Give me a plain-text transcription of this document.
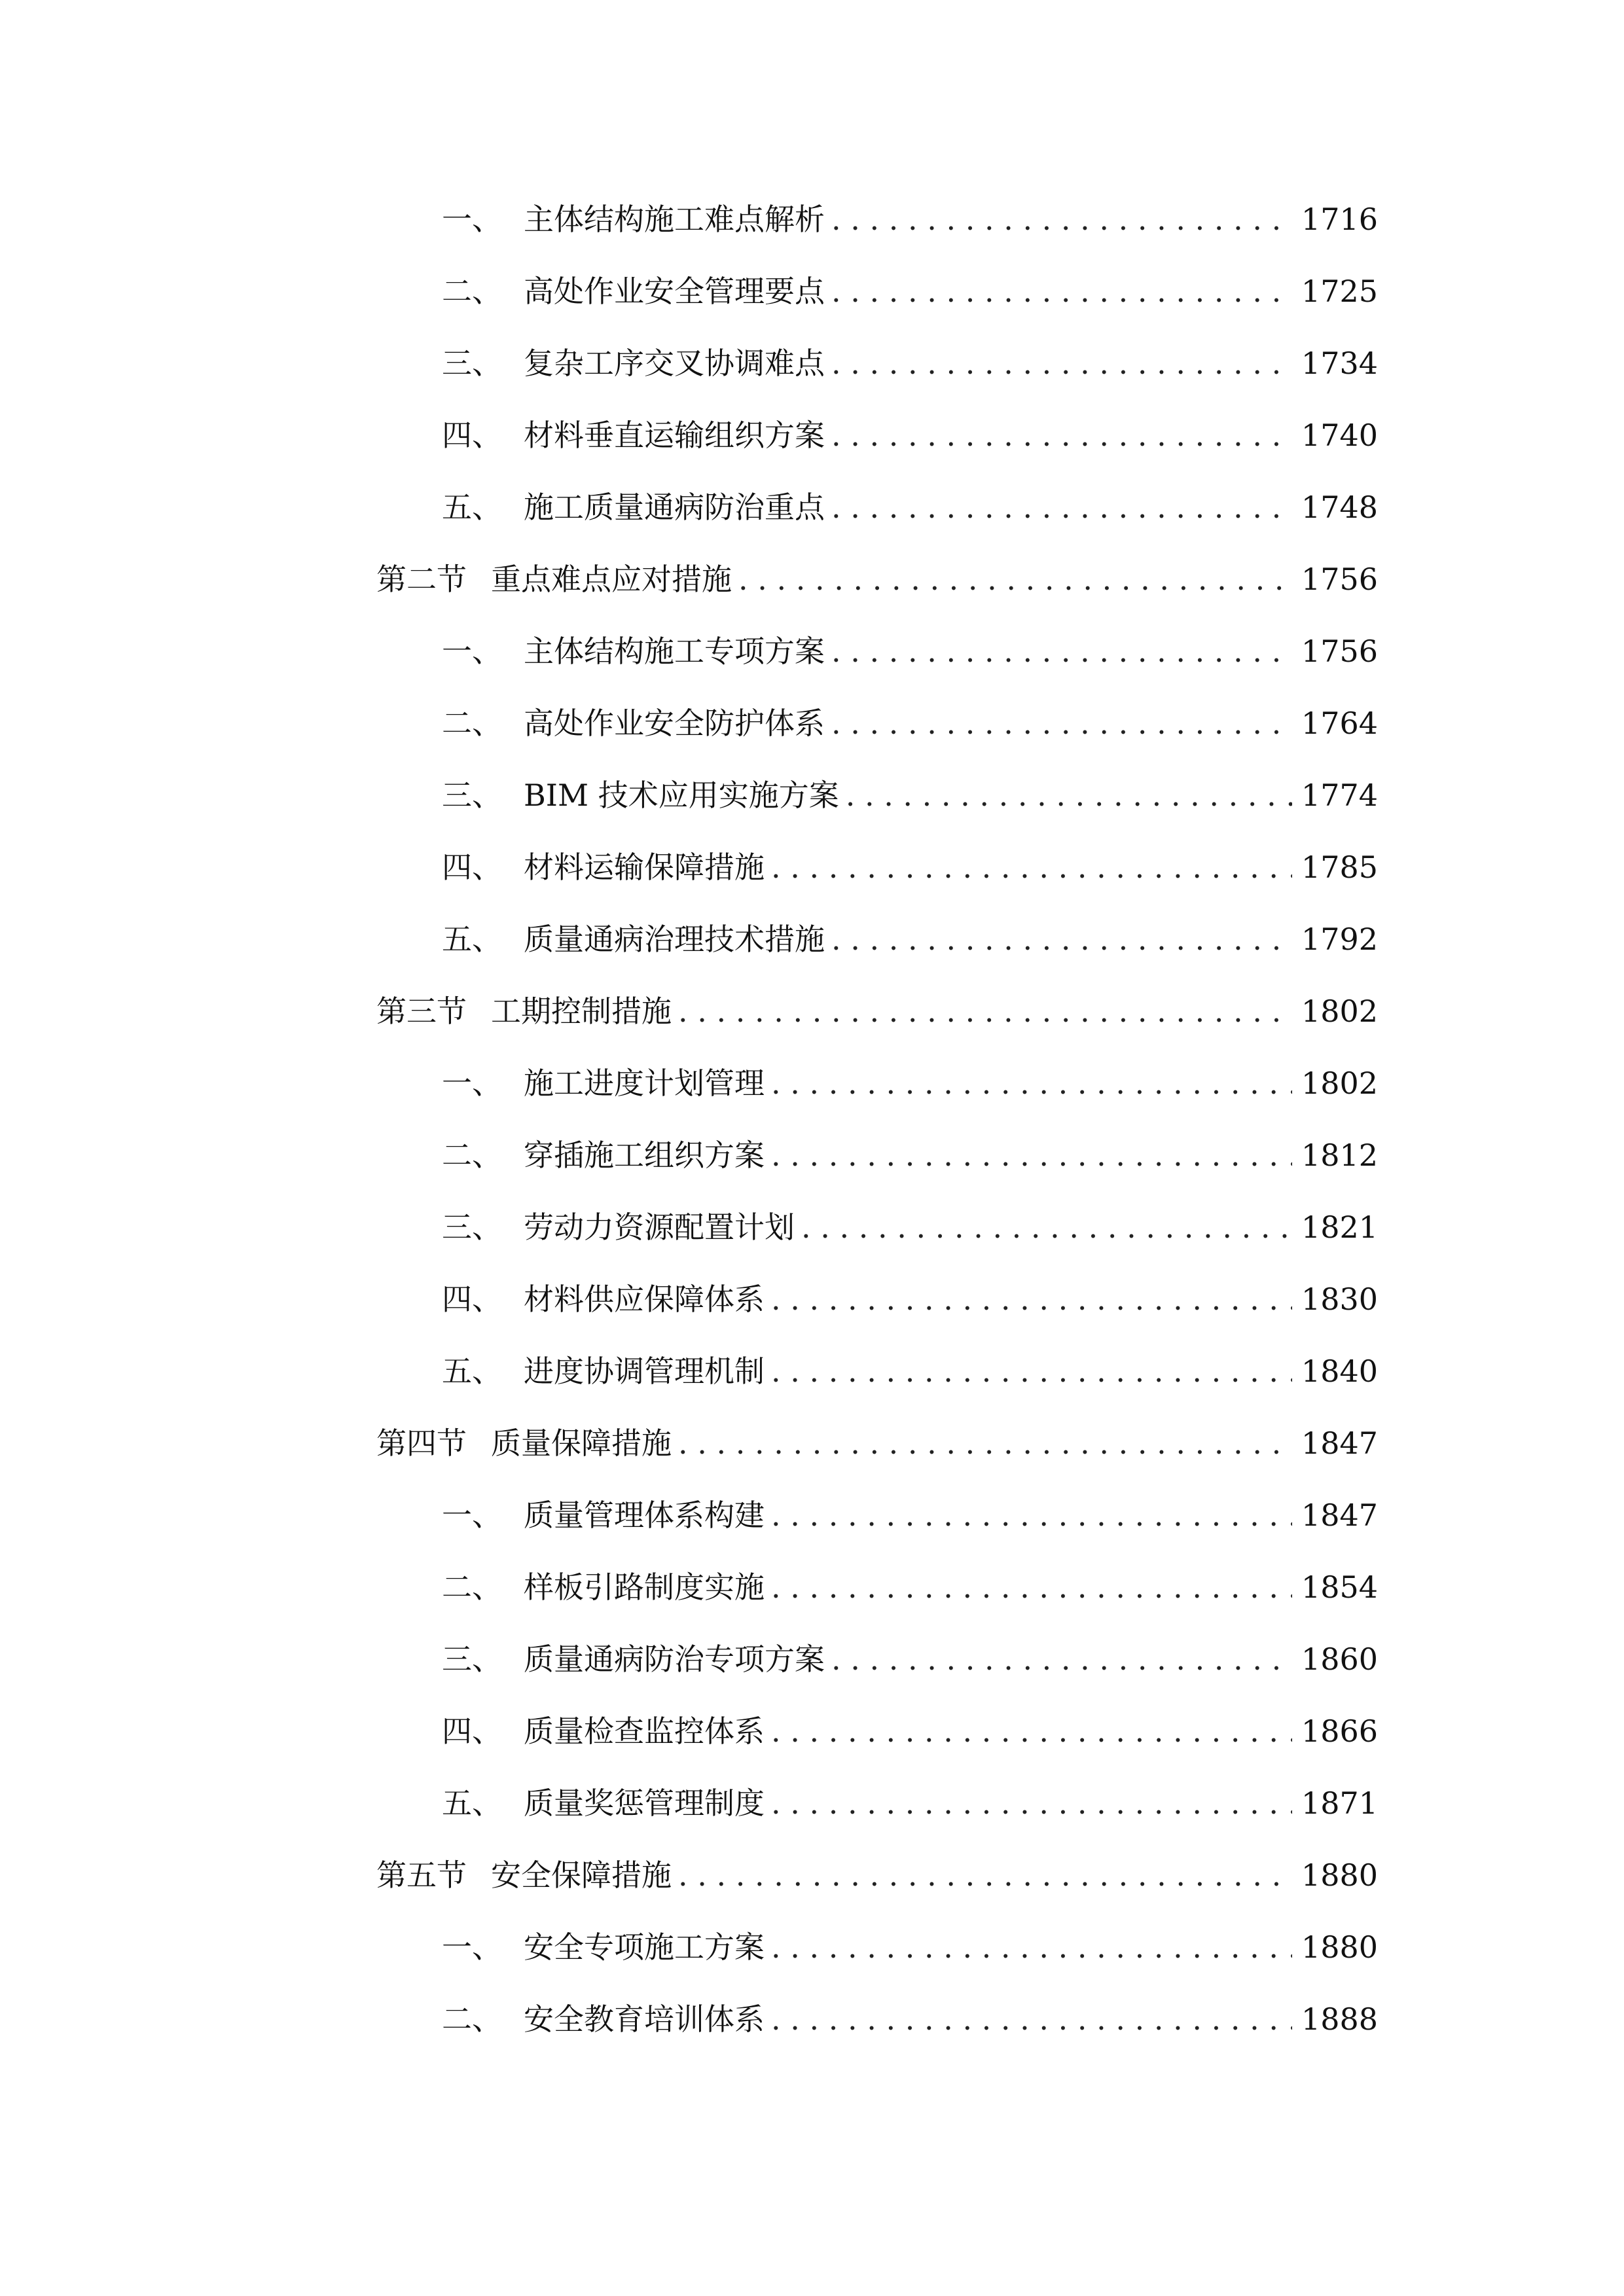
一、 主体结构施工难点解析 . . .	1716
二、 高处作业安全管理要点 . . .	1725
三、 复杂工序交叉协调难点 . . .	1734
四、 材料垂直运输组织方案 . . .	1740
五、 施工质量通病防治重点 . . .	1748
第二节 重点难点应对措施 . . .	1756
一、 主体结构施工专项方案 . . .	1756
二、 高处作业安全防护体系 . . .	1764
三、 BIM 技术应用实施方案 . . .	1774
四、 材料运输保障措施 . . .	1785
五、 质量通病治理技术措施 . . .	1792
第三节 工期控制措施 . . .	1802
一、 施工进度计划管理 . . .	1802
二、 穿插施工组织方案 . . .	1812
三、 劳动力资源配置计划 . . .	1821
四、 材料供应保障体系 . . .	1830
五、 进度协调管理机制 . . .	1840
第四节 质量保障措施 . . .	1847
一、 质量管理体系构建 . . .	1847
二、 样板引路制度实施 . . .	1854
三、 质量通病防治专项方案 . . .	1860
四、 质量检查监控体系 . . .	1866
五、 质量奖惩管理制度 . . .	1871
第五节 安全保障措施 . . .	1880
一、 安全专项施工方案 . . .	1880
二、 安全教育培训体系 . . .	1888
